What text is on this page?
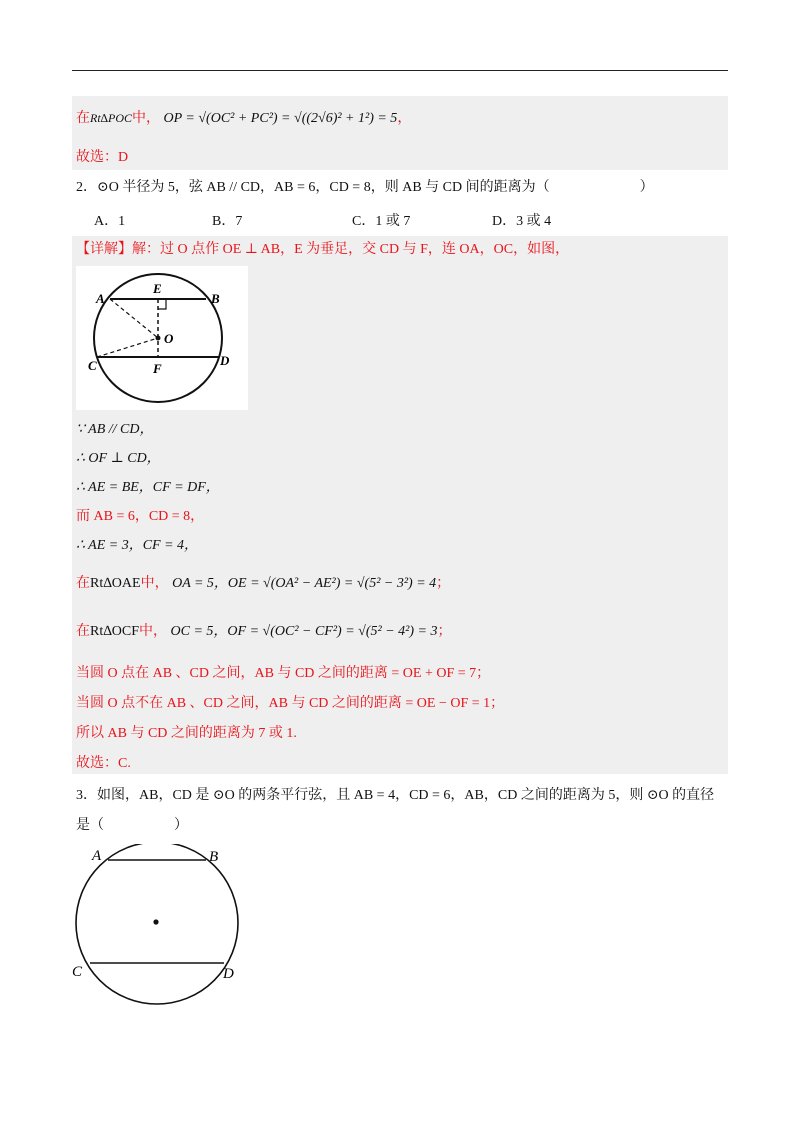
在Rt∆POC中， OP = √(OC² + PC²) = √((2√6)² + 1²) = 5，
故选：D
2．⊙O 半径为 5，弦 AB // CD，AB = 6，CD = 8，则 AB 与 CD 间的距离为（	）
A．1	B．7	C．1 或 7	D．3 或 4
【详解】解：过 O 点作 OE ⊥ AB，E 为垂足，交 CD 与 F，连 OA，OC，如图，
A	B
E
O
C	D
F
∵ AB // CD，
∴ OF ⊥ CD，
∴ AE = BE，CF = DF，
而 AB = 6，CD = 8，
∴ AE = 3，CF = 4，
在Rt∆OAE中， OA = 5，OE = √(OA² − AE²) = √(5² − 3²) = 4；
在Rt∆OCF中， OC = 5，OF = √(OC² − CF²) = √(5² − 4²) = 3；
当圆 O 点在 AB 、CD 之间，AB 与 CD 之间的距离 = OE + OF = 7；
当圆 O 点不在 AB 、CD 之间，AB 与 CD 之间的距离 = OE − OF = 1；
所以 AB 与 CD 之间的距离为 7 或 1.
故选：C.
3．如图，AB，CD 是 ⊙O 的两条平行弦，且 AB = 4，CD = 6，AB，CD 之间的距离为 5，则 ⊙O 的直径
是（	）
A	B
C	D
